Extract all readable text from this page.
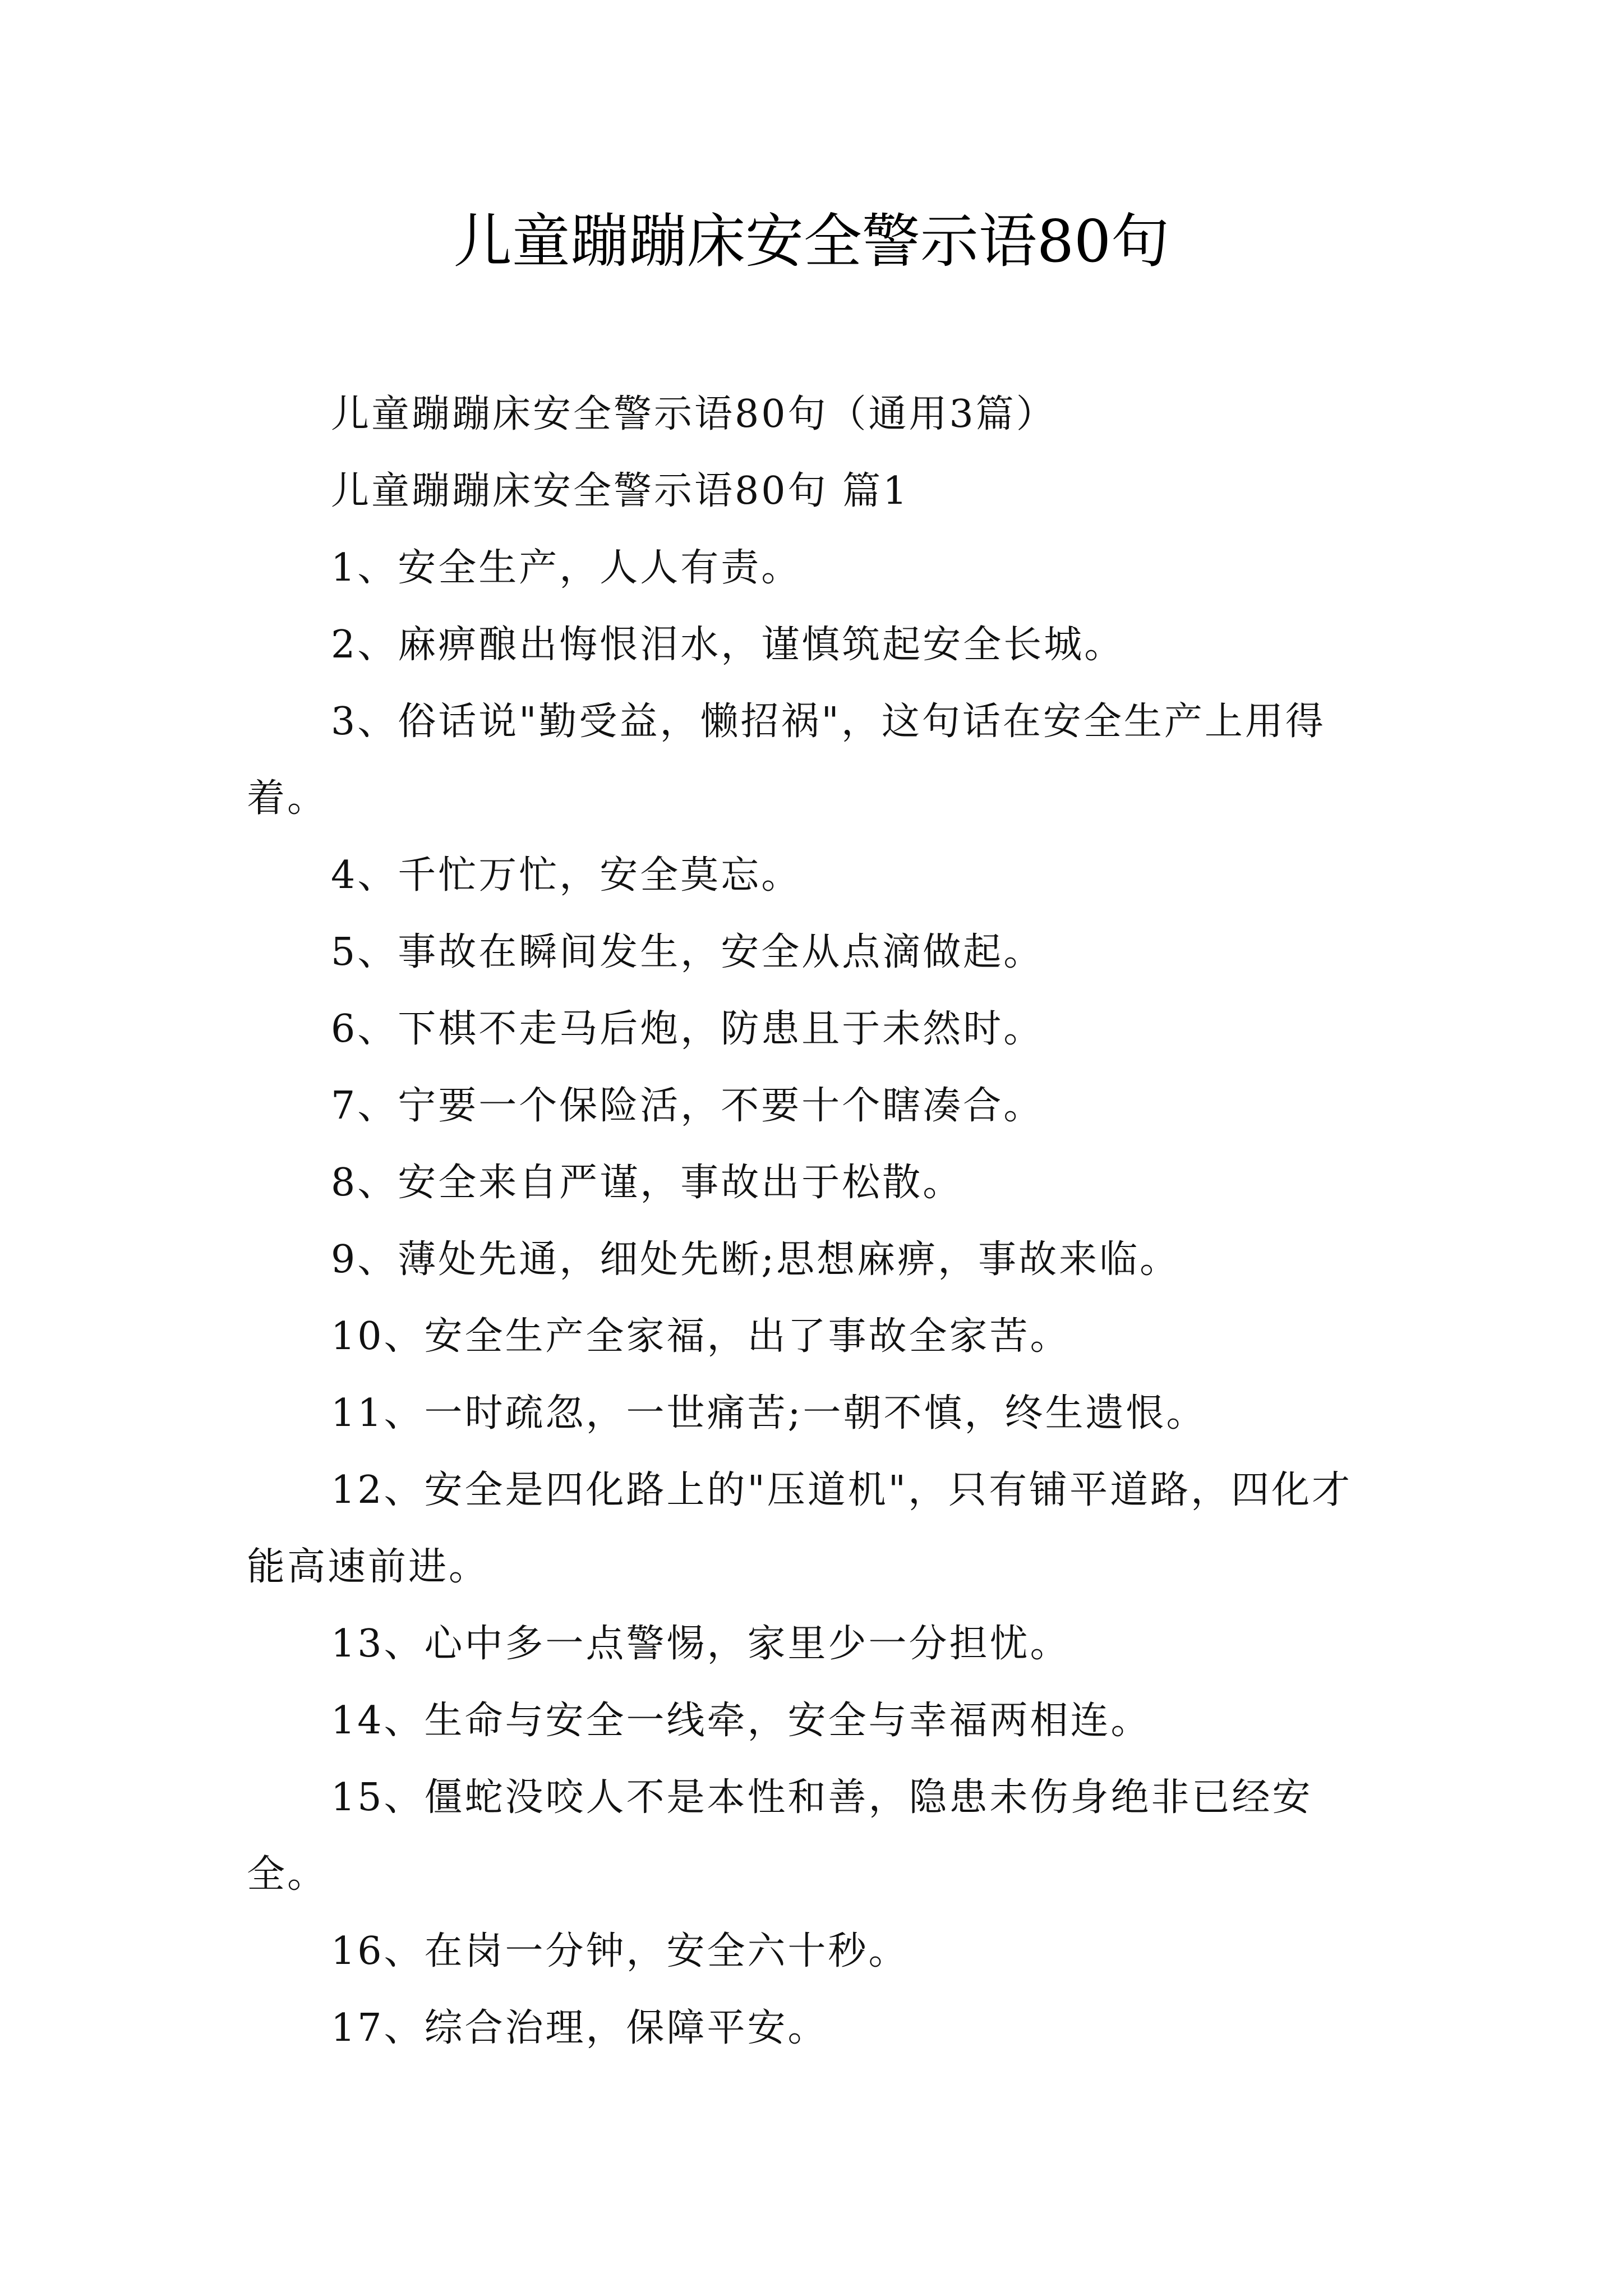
儿童蹦蹦床安全警示语80句

儿童蹦蹦床安全警示语80句（通用3篇）

儿童蹦蹦床安全警示语80句 篇1

1、安全生产，人人有责。

2、麻痹酿出悔恨泪水，谨慎筑起安全长城。

3、俗话说"勤受益，懒招祸"，这句话在安全生产上用得着。

4、千忙万忙，安全莫忘。

5、事故在瞬间发生，安全从点滴做起。

6、下棋不走马后炮，防患且于未然时。

7、宁要一个保险活，不要十个瞎凑合。

8、安全来自严谨，事故出于松散。

9、薄处先通，细处先断;思想麻痹，事故来临。

10、安全生产全家福，出了事故全家苦。

11、一时疏忽，一世痛苦;一朝不慎，终生遗恨。

12、安全是四化路上的"压道机"，只有铺平道路，四化才能高速前进。

13、心中多一点警惕，家里少一分担忧。

14、生命与安全一线牵，安全与幸福两相连。

15、僵蛇没咬人不是本性和善，隐患未伤身绝非已经安全。

16、在岗一分钟，安全六十秒。

17、综合治理，保障平安。
